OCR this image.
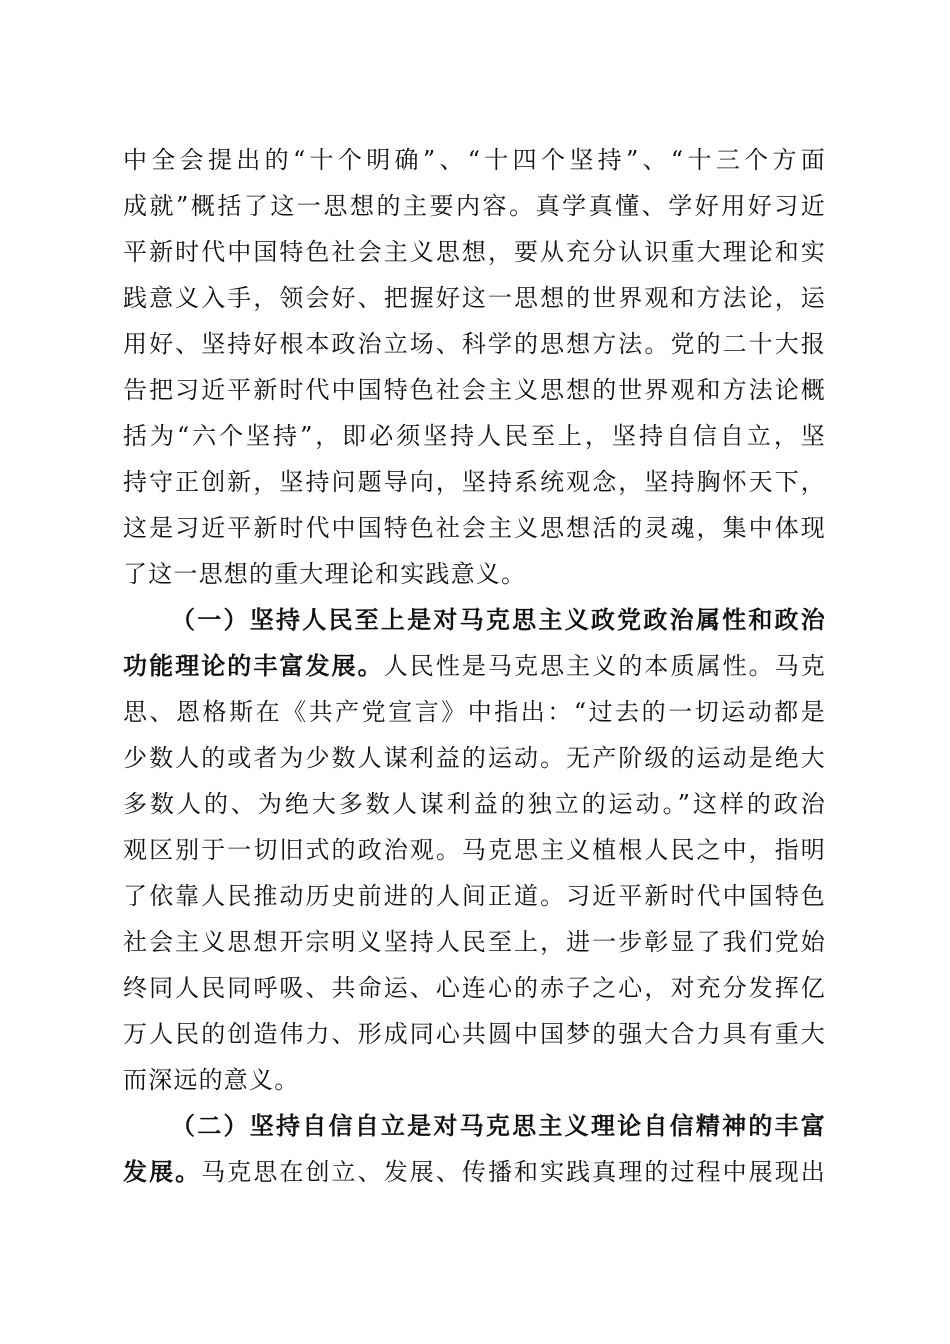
中全会提出的“十个明确”、“十四个坚持”、“十三个方面
成就”概括了这一思想的主要内容。真学真懂、学好用好习近
平新时代中国特色社会主义思想，要从充分认识重大理论和实
践意义入手，领会好、把握好这一思想的世界观和方法论，运
用好、坚持好根本政治立场、科学的思想方法。党的二十大报
告把习近平新时代中国特色社会主义思想的世界观和方法论概
括为“六个坚持”，即必须坚持人民至上，坚持自信自立，坚
持守正创新，坚持问题导向，坚持系统观念，坚持胸怀天下，
这是习近平新时代中国特色社会主义思想活的灵魂，集中体现
了这一思想的重大理论和实践意义。
（一）坚持人民至上是对马克思主义政党政治属性和政治
功能理论的丰富发展。人民性是马克思主义的本质属性。马克
思、恩格斯在《共产党宣言》中指出：“过去的一切运动都是
少数人的或者为少数人谋利益的运动。无产阶级的运动是绝大
多数人的、为绝大多数人谋利益的独立的运动。”这样的政治
观区别于一切旧式的政治观。马克思主义植根人民之中，指明
了依靠人民推动历史前进的人间正道。习近平新时代中国特色
社会主义思想开宗明义坚持人民至上，进一步彰显了我们党始
终同人民同呼吸、共命运、心连心的赤子之心，对充分发挥亿
万人民的创造伟力、形成同心共圆中国梦的强大合力具有重大
而深远的意义。
（二）坚持自信自立是对马克思主义理论自信精神的丰富
发展。马克思在创立、发展、传播和实践真理的过程中展现出
